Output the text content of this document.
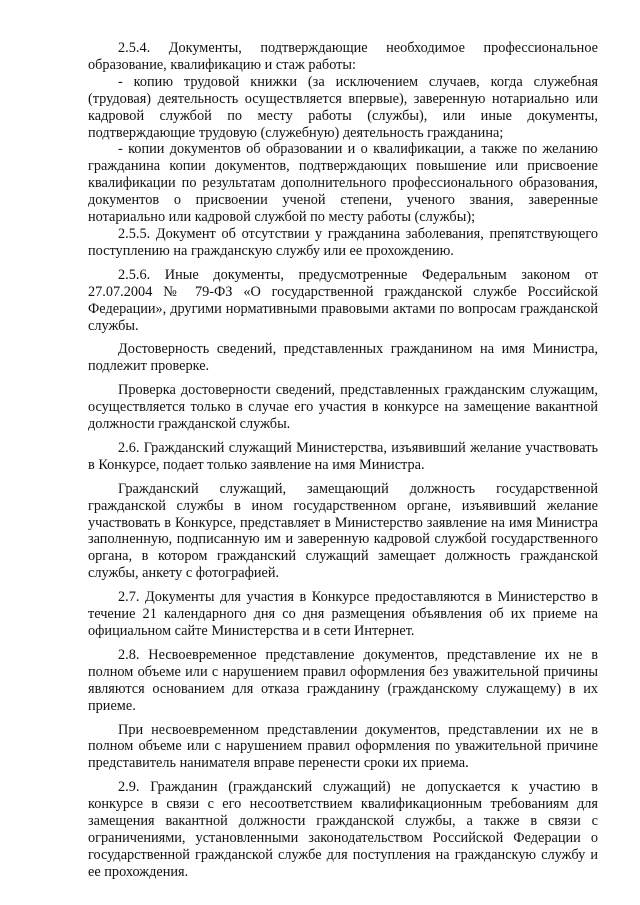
2.5.4. Документы, подтверждающие необходимое профессиональное образование, квалификацию и стаж работы:

- копию трудовой книжки (за исключением случаев, когда служебная (трудовая) деятельность осуществляется впервые), заверенную нотариально или кадровой службой по месту работы (службы), или иные документы, подтверждающие трудовую (служебную) деятельность гражданина;

- копии документов об образовании и о квалификации, а также по желанию гражданина копии документов, подтверждающих повышение или присвоение квалификации по результатам дополнительного профессионального образования, документов о присвоении ученой степени, ученого звания, заверенные нотариально или кадровой службой по месту работы (службы);

2.5.5. Документ об отсутствии у гражданина заболевания, препятствующего поступлению на гражданскую службу или ее прохождению.

2.5.6. Иные документы, предусмотренные Федеральным законом от 27.07.2004 № 79-ФЗ «О государственной гражданской службе Российской Федерации», другими нормативными правовыми актами по вопросам гражданской службы.

Достоверность сведений, представленных гражданином на имя Министра, подлежит проверке.

Проверка достоверности сведений, представленных гражданским служащим, осуществляется только в случае его участия в конкурсе на замещение вакантной должности гражданской службы.

2.6. Гражданский служащий Министерства, изъявивший желание участвовать в Конкурсе, подает только заявление на имя Министра.

Гражданский служащий, замещающий должность государственной гражданской службы в ином государственном органе, изъявивший желание участвовать в Конкурсе, представляет в Министерство заявление на имя Министра заполненную, подписанную им и заверенную кадровой службой государственного органа, в котором гражданский служащий замещает должность гражданской службы, анкету с фотографией.

2.7. Документы для участия в Конкурсе предоставляются в Министерство в течение 21 календарного дня со дня размещения объявления об их приеме на официальном сайте Министерства и в сети Интернет.

2.8. Несвоевременное представление документов, представление их не в полном объеме или с нарушением правил оформления без уважительной причины являются основанием для отказа гражданину (гражданскому служащему) в их приеме.

При несвоевременном представлении документов, представлении их не в полном объеме или с нарушением правил оформления по уважительной причине представитель нанимателя вправе перенести сроки их приема.

2.9. Гражданин (гражданский служащий) не допускается к участию в конкурсе в связи с его несоответствием квалификационным требованиям для замещения вакантной должности гражданской службы, а также в связи с ограничениями, установленными законодательством Российской Федерации о государственной гражданской службе для поступления на гражданскую службу и ее прохождения.
